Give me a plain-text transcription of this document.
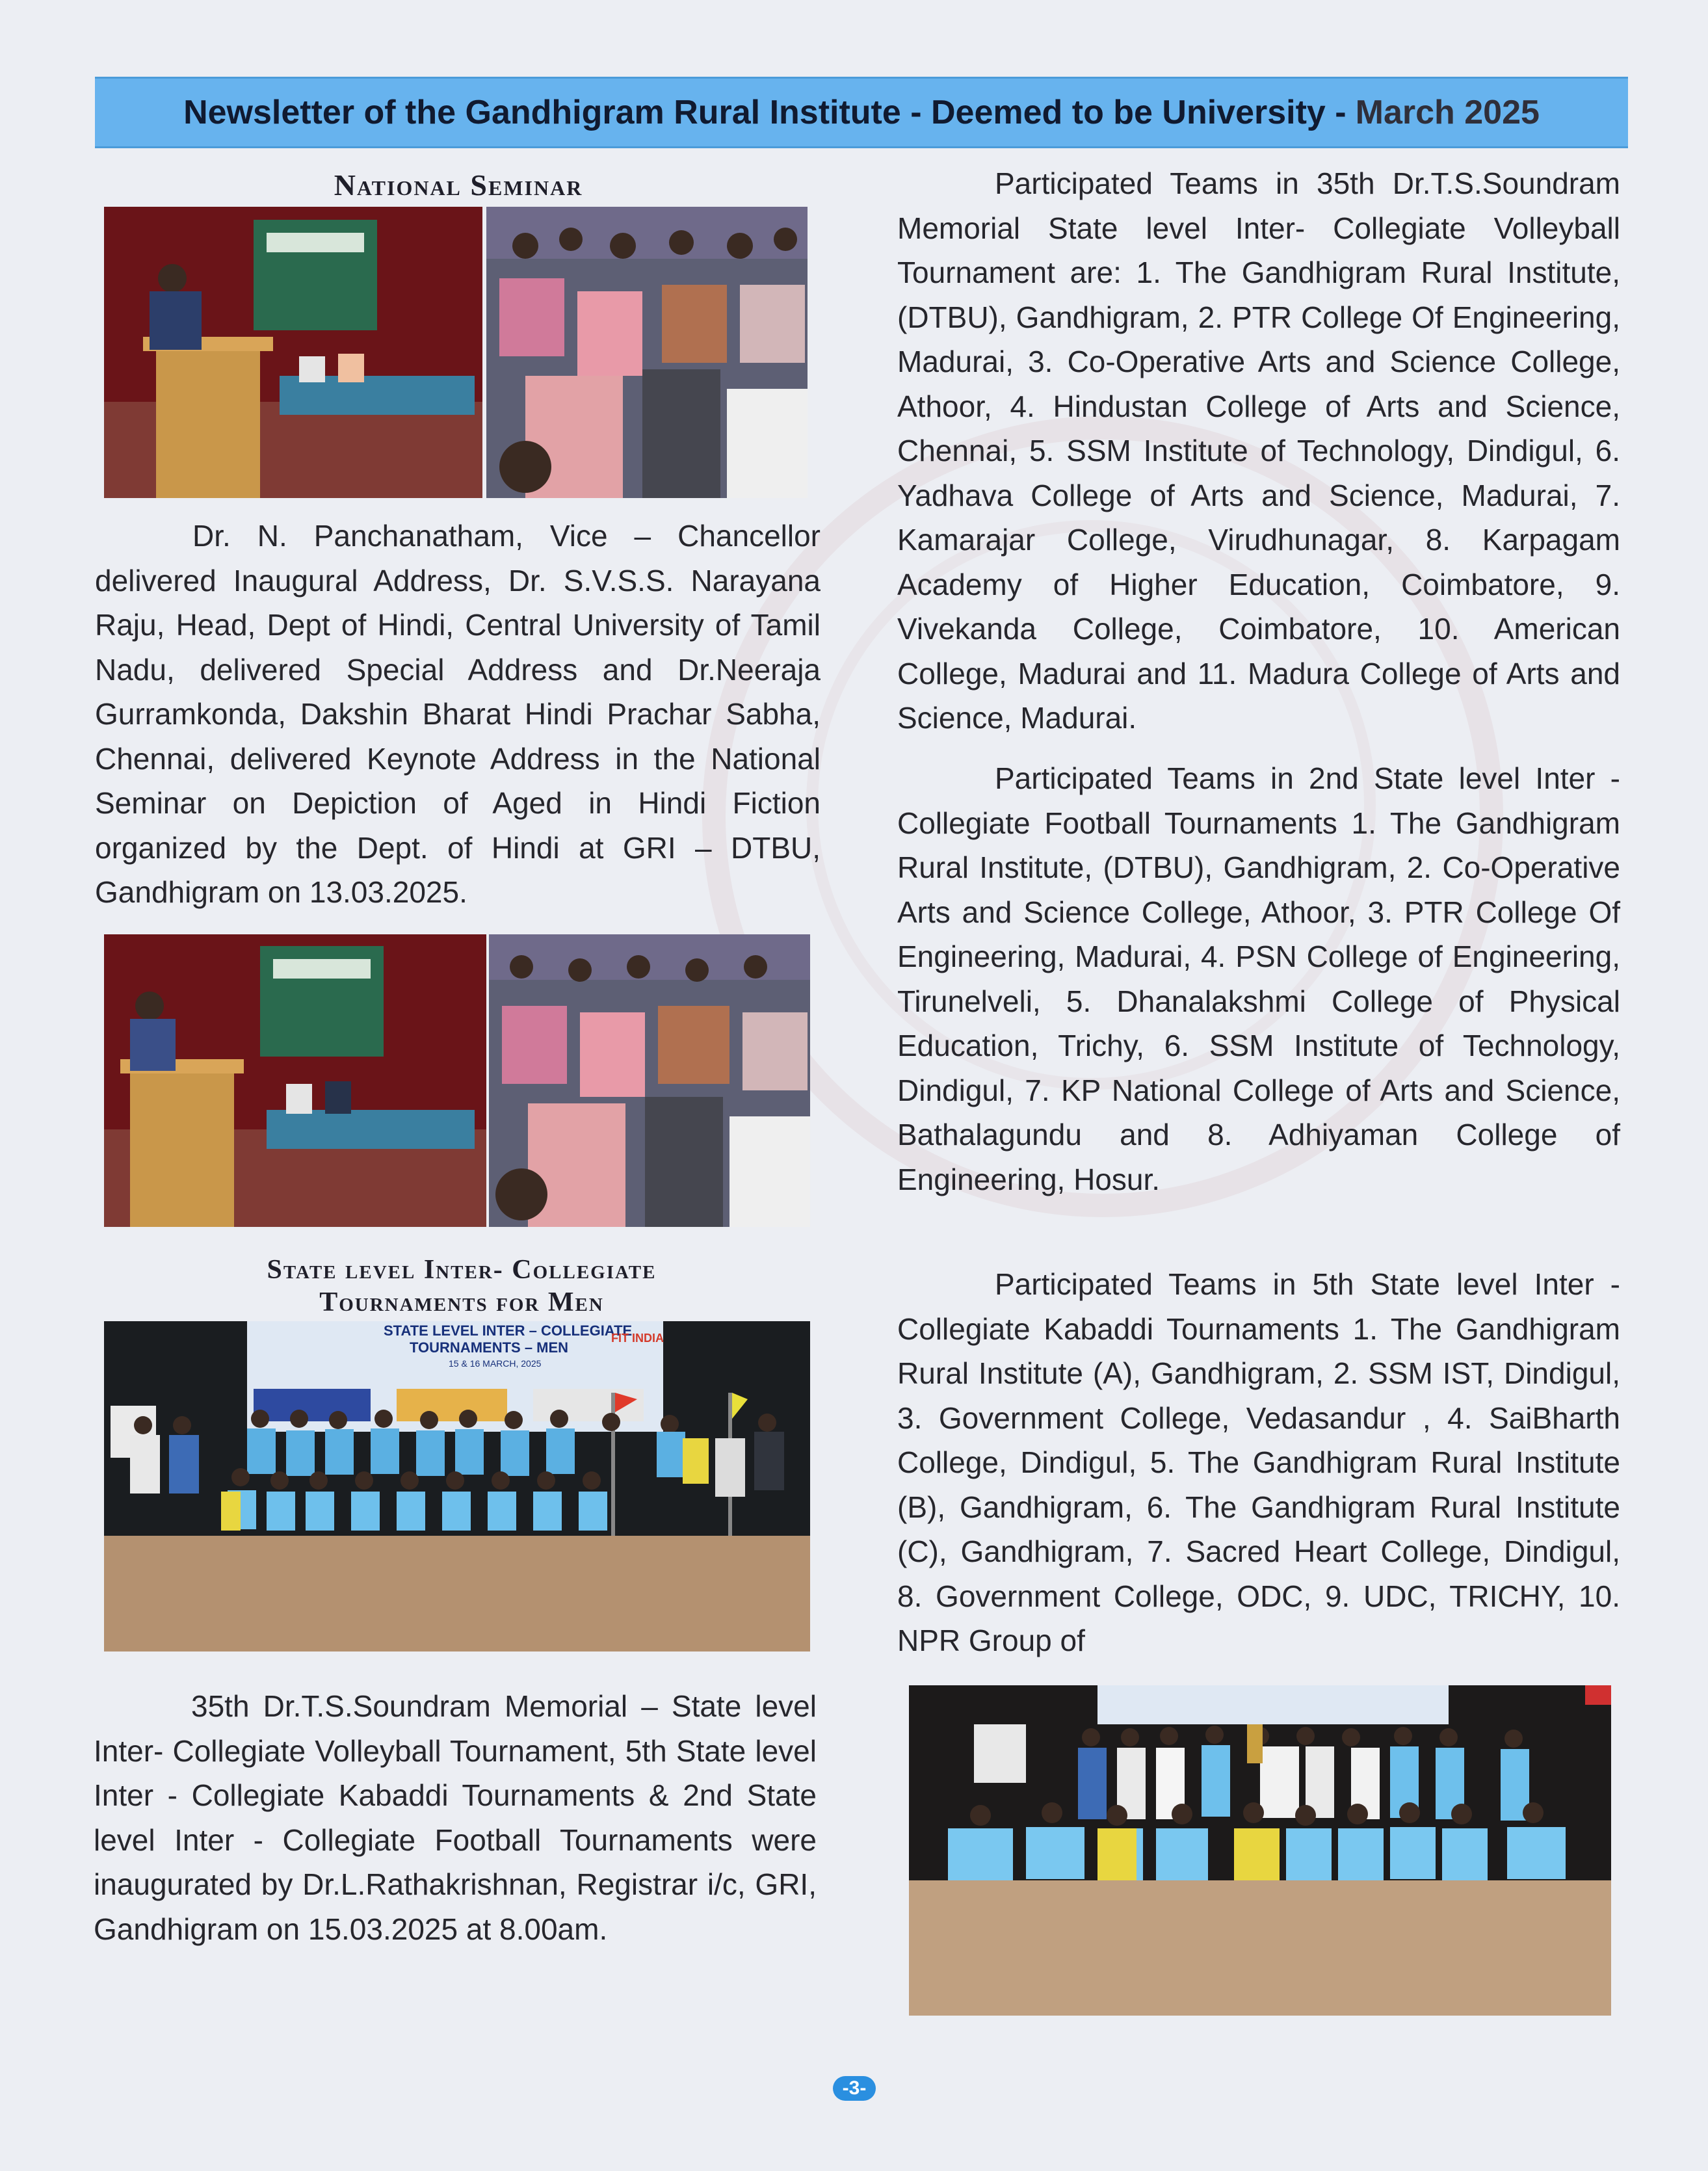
Newsletter of the Gandhigram Rural Institute - Deemed to be University - March 2025
National Seminar
Dr. N. Panchanatham, Vice – Chancellor delivered Inaugural Address, Dr. S.V.S.S. Narayana Raju, Head, Dept of Hindi, Central University of Tamil Nadu, delivered Special Address and Dr.Neeraja Gurramkonda, Dakshin Bharat Hindi Prachar Sabha, Chennai, delivered Keynote Address in the National Seminar on Depiction of Aged in Hindi Fiction organized by the Dept. of Hindi at GRI – DTBU, Gandhigram on 13.03.2025.
State level Inter- Collegiate
Tournaments for Men
STATE LEVEL INTER – COLLEGIATE
TOURNAMENTS – MEN
15 & 16 MARCH, 2025
FIT INDIA
35th Dr.T.S.Soundram Memorial – State level Inter- Collegiate Volleyball Tournament, 5th State level Inter - Collegiate Kabaddi Tournaments & 2nd State level Inter - Collegiate Football Tournaments were inaugurated by Dr.L.Rathakrishnan, Registrar i/c, GRI, Gandhigram on 15.03.2025 at 8.00am.
Participated Teams in 35th Dr.T.S.Soundram Memorial State level Inter- Collegiate Volleyball Tournament are: 1. The Gandhigram Rural Institute, (DTBU), Gandhigram, 2. PTR College Of Engineering, Madurai, 3. Co-Operative Arts and Science College, Athoor, 4. Hindustan College of Arts and Science, Chennai, 5. SSM Institute of Technology, Dindigul, 6. Yadhava College of Arts and Science, Madurai, 7. Kamarajar College, Virudhunagar, 8. Karpagam Academy of Higher Education, Coimbatore, 9. Vivekanda College, Coimbatore, 10. American College, Madurai and 11. Madura College of Arts and Science, Madurai.
Participated Teams in 2nd State level Inter - Collegiate Football Tournaments 1. The Gandhigram Rural Institute, (DTBU), Gandhigram, 2. Co-Operative Arts and Science College, Athoor, 3. PTR College Of Engineering, Madurai, 4. PSN College of Engineering, Tirunelveli, 5. Dhanalakshmi College of Physical Education, Trichy, 6. SSM Institute of Technology, Dindigul, 7. KP National College of Arts and Science, Bathalagundu and 8. Adhiyaman College of Engineering, Hosur.
Participated Teams in 5th State level Inter - Collegiate Kabaddi Tournaments 1. The Gandhigram Rural Institute (A), Gandhigram, 2. SSM IST, Dindigul, 3. Government College, Vedasandur , 4. SaiBharth College, Dindigul, 5. The Gandhigram Rural Institute (B), Gandhigram, 6. The Gandhigram Rural Institute (C), Gandhigram, 7. Sacred Heart College, Dindigul, 8. Government College, ODC, 9. UDC, TRICHY, 10. NPR Group of
-3-
